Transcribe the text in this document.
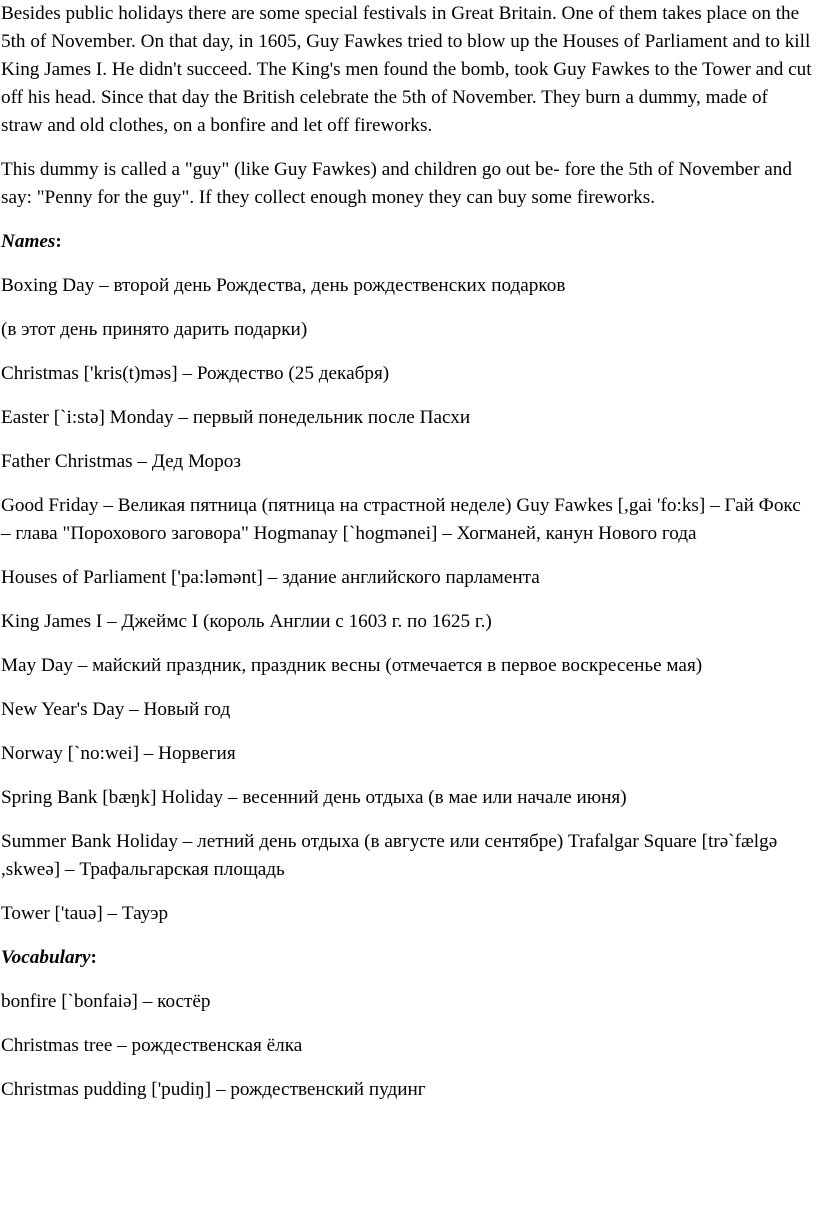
Besides public holidays there are some special festivals in Great Britain. One of them takes place on the 5th of November. On that day, in 1605, Guy Fawkes tried to blow up the Houses of Parliament and to kill King James I. He didn't succeed. The King's men found the bomb, took Guy Fawkes to the Tower and cut off his head. Since that day the British celebrate the 5th of November. They burn a dummy, made of straw and old clothes, on a bonfire and let off fireworks.

This dummy is called a "guy" (like Guy Fawkes) and children go out be- fore the 5th of November and say: "Penny for the guy". If they collect enough money they can buy some fireworks.

Names:

Boxing Day – второй день Рождества, день рождественских подарков

(в этот день принято дарить подарки)

Christmas ['kris(t)məs] – Рождество (25 декабря)

Easter [`i:stə] Monday – первый понедельник после Пасхи

Father Christmas – Дед Мороз

Good Friday – Великая пятница (пятница на страстной неделе) Guy Fawkes [,gai 'fo:ks] – Гай Фокс – глава "Порохового заговора" Hogmanay [`hogmənei] – Хогманей, канун Нового года

Houses of Parliament ['pa:ləmənt] – здание английского парламента

King James I – Джеймс I (король Англии с 1603 г. по 1625 г.)

May Day – майский праздник, праздник весны (отмечается в первое воскресенье мая)

New Year's Day – Новый год

Norway [`no:wei] – Норвегия

Spring Bank [bæŋk] Holiday – весенний день отдыха (в мае или начале июня)

Summer Bank Holiday – летний день отдыха (в августе или сентябре) Trafalgar Square [trə`fælgə ,skweə] – Трафальгарская площадь

Tower ['tauə] – Тауэр

Vocabulary:

bonfire [`bonfaiə] – костёр

Christmas tree – рождественская ёлка

Christmas pudding ['pudiŋ] – рождественский пудинг
